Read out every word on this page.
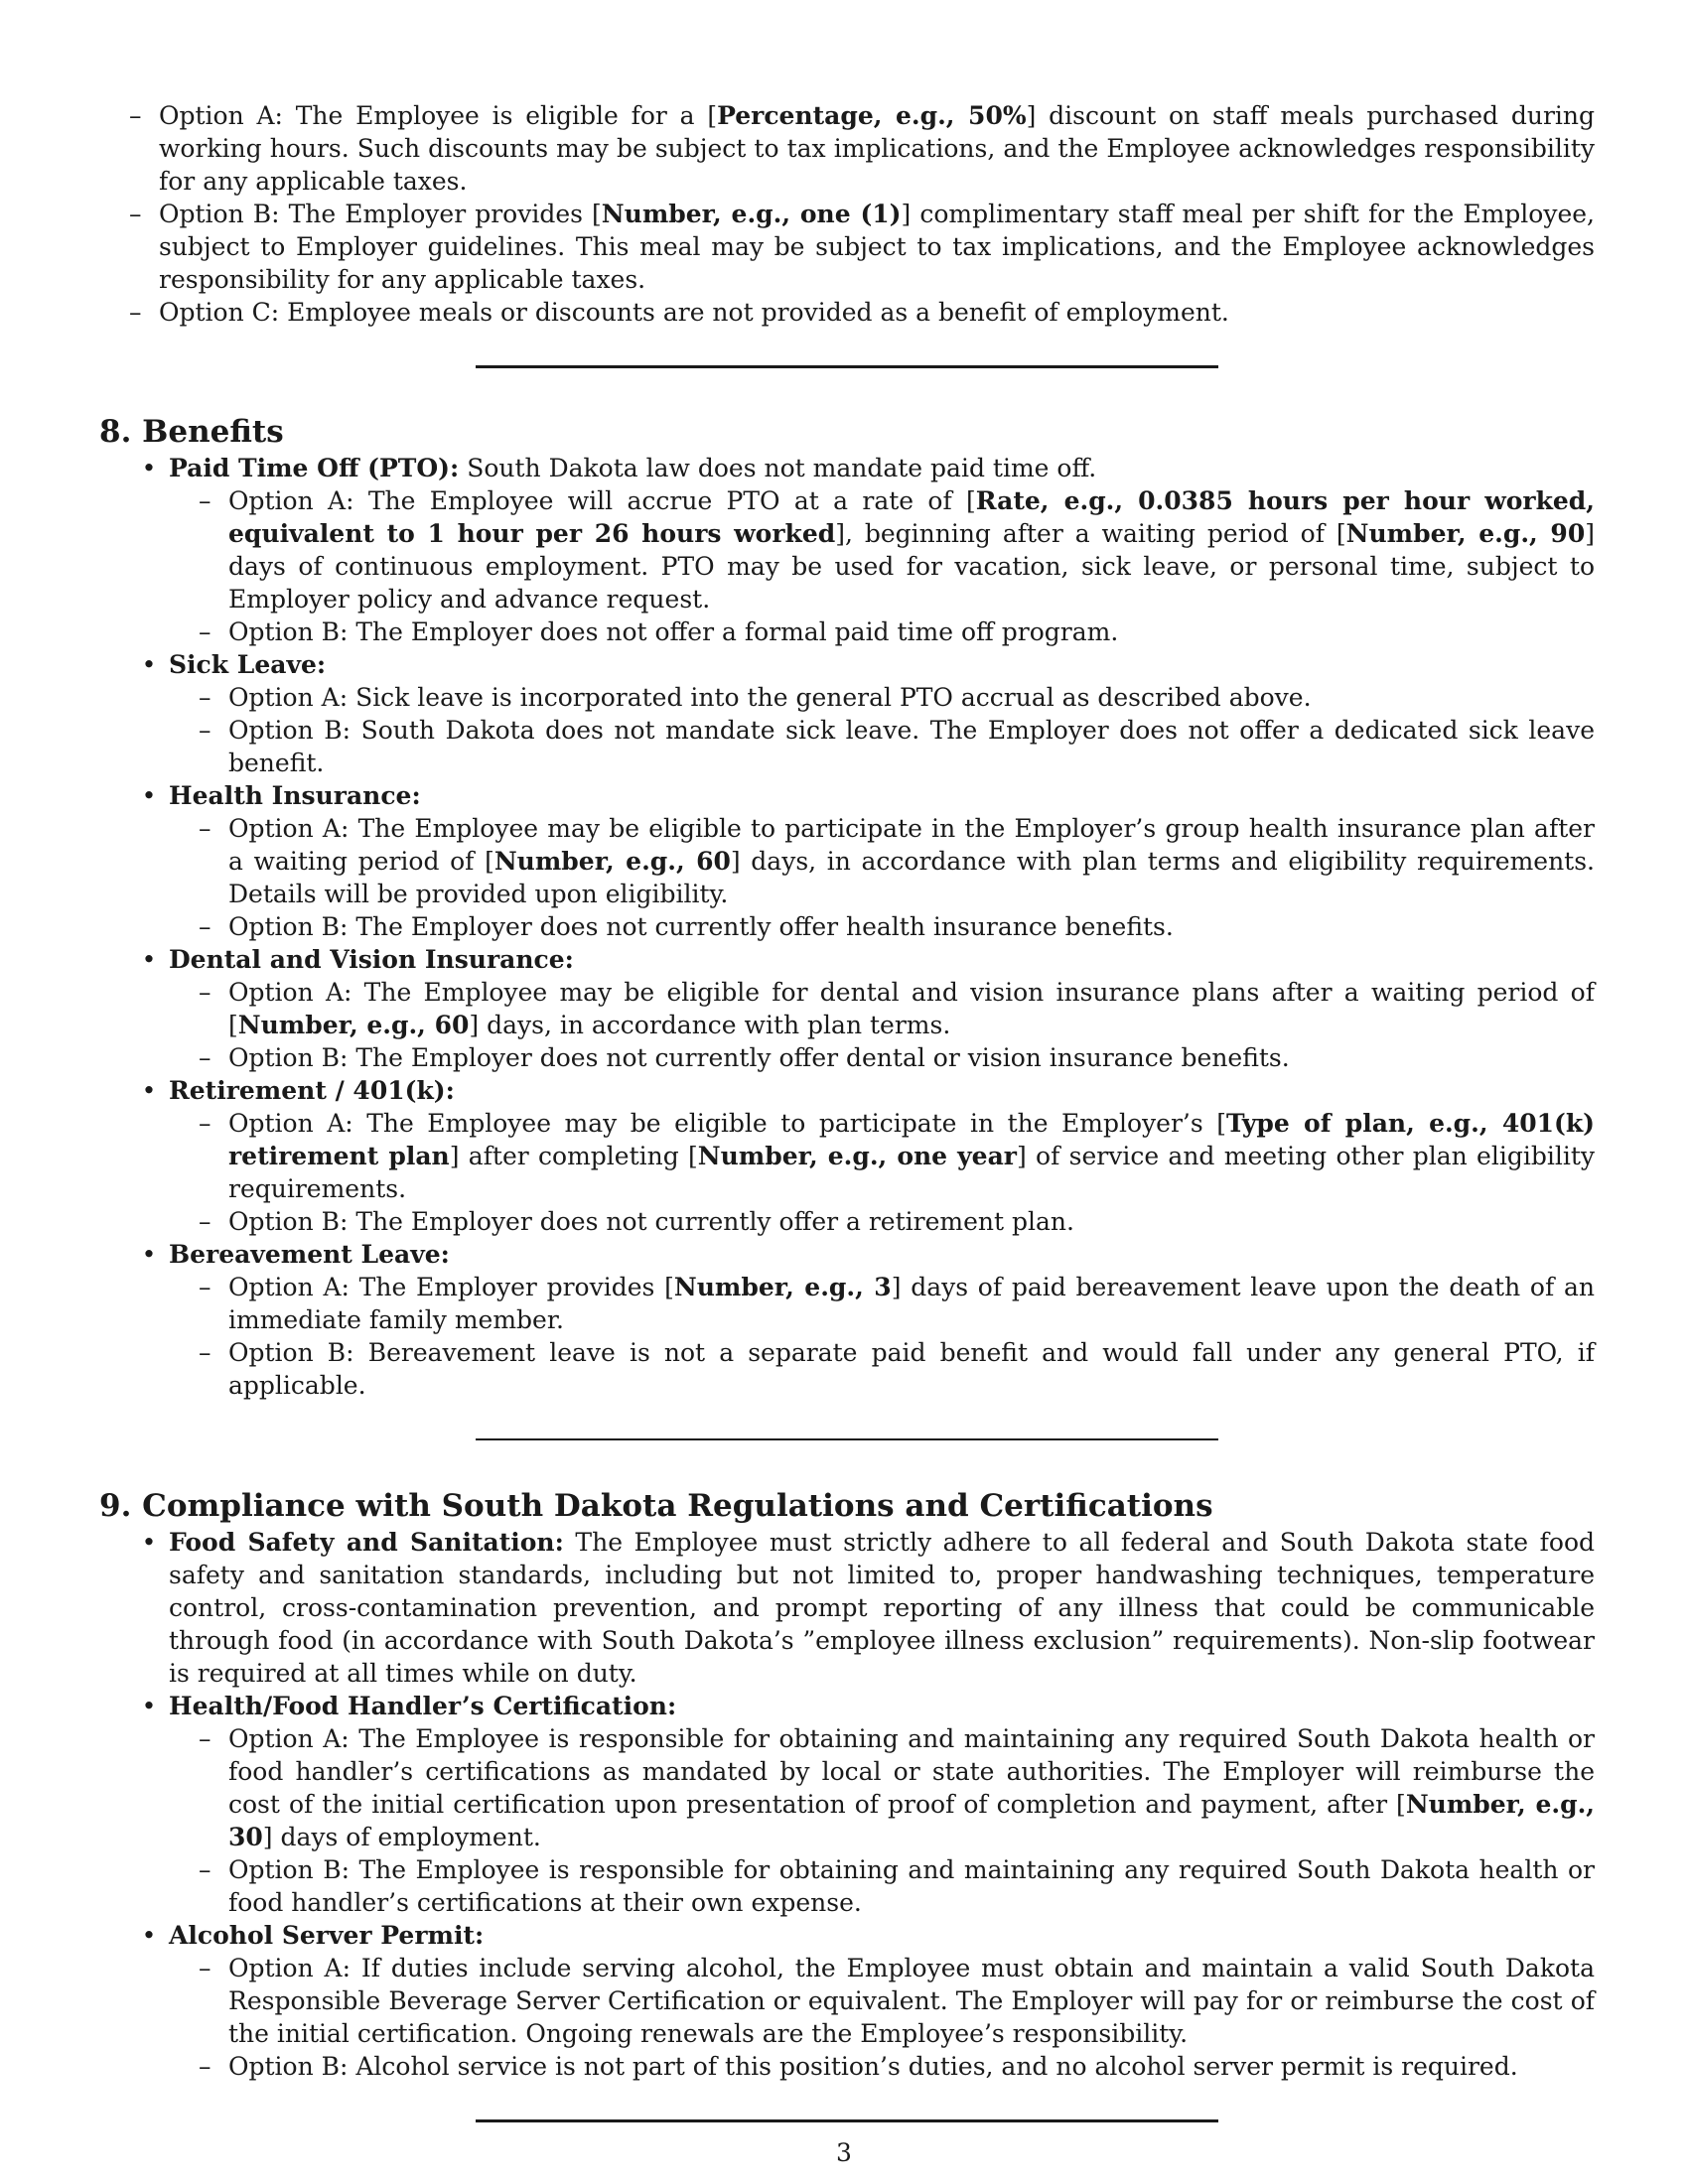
– Option A: The Employee is eligible for a [Percentage, e.g., 50%] discount on staff meals purchased during working hours. Such discounts may be subject to tax implications, and the Employee acknowledges responsibility for any applicable taxes.
– Option B: The Employer provides [Number, e.g., one (1)] complimentary staff meal per shift for the Employee, subject to Employer guidelines. This meal may be subject to tax implications, and the Employee acknowledges responsibility for any applicable taxes.
– Option C: Employee meals or discounts are not provided as a benefit of employment.
8. Benefits
• Paid Time Off (PTO): South Dakota law does not mandate paid time off.
– Option A: The Employee will accrue PTO at a rate of [Rate, e.g., 0.0385 hours per hour worked, equivalent to 1 hour per 26 hours worked], beginning after a waiting period of [Number, e.g., 90] days of continuous employment. PTO may be used for vacation, sick leave, or personal time, subject to Employer policy and advance request.
– Option B: The Employer does not offer a formal paid time off program.
• Sick Leave:
– Option A: Sick leave is incorporated into the general PTO accrual as described above.
– Option B: South Dakota does not mandate sick leave. The Employer does not offer a dedicated sick leave benefit.
• Health Insurance:
– Option A: The Employee may be eligible to participate in the Employer’s group health insurance plan after a waiting period of [Number, e.g., 60] days, in accordance with plan terms and eligibility requirements. Details will be provided upon eligibility.
– Option B: The Employer does not currently offer health insurance benefits.
• Dental and Vision Insurance:
– Option A: The Employee may be eligible for dental and vision insurance plans after a waiting period of [Number, e.g., 60] days, in accordance with plan terms.
– Option B: The Employer does not currently offer dental or vision insurance benefits.
• Retirement / 401(k):
– Option A: The Employee may be eligible to participate in the Employer’s [Type of plan, e.g., 401(k) retirement plan] after completing [Number, e.g., one year] of service and meeting other plan eligibility requirements.
– Option B: The Employer does not currently offer a retirement plan.
• Bereavement Leave:
– Option A: The Employer provides [Number, e.g., 3] days of paid bereavement leave upon the death of an immediate family member.
– Option B: Bereavement leave is not a separate paid benefit and would fall under any general PTO, if applicable.
9. Compliance with South Dakota Regulations and Certifications
• Food Safety and Sanitation: The Employee must strictly adhere to all federal and South Dakota state food safety and sanitation standards, including but not limited to, proper handwashing techniques, temperature control, cross-contamination prevention, and prompt reporting of any illness that could be communicable through food (in accordance with South Dakota’s ”employee illness exclusion” requirements). Non-slip footwear is required at all times while on duty.
• Health/Food Handler’s Certification:
– Option A: The Employee is responsible for obtaining and maintaining any required South Dakota health or food handler’s certifications as mandated by local or state authorities. The Employer will reimburse the cost of the initial certification upon presentation of proof of completion and payment, after [Number, e.g., 30] days of employment.
– Option B: The Employee is responsible for obtaining and maintaining any required South Dakota health or food handler’s certifications at their own expense.
• Alcohol Server Permit:
– Option A: If duties include serving alcohol, the Employee must obtain and maintain a valid South Dakota Responsible Beverage Server Certification or equivalent. The Employer will pay for or reimburse the cost of the initial certification. Ongoing renewals are the Employee’s responsibility.
– Option B: Alcohol service is not part of this position’s duties, and no alcohol server permit is required.
3
